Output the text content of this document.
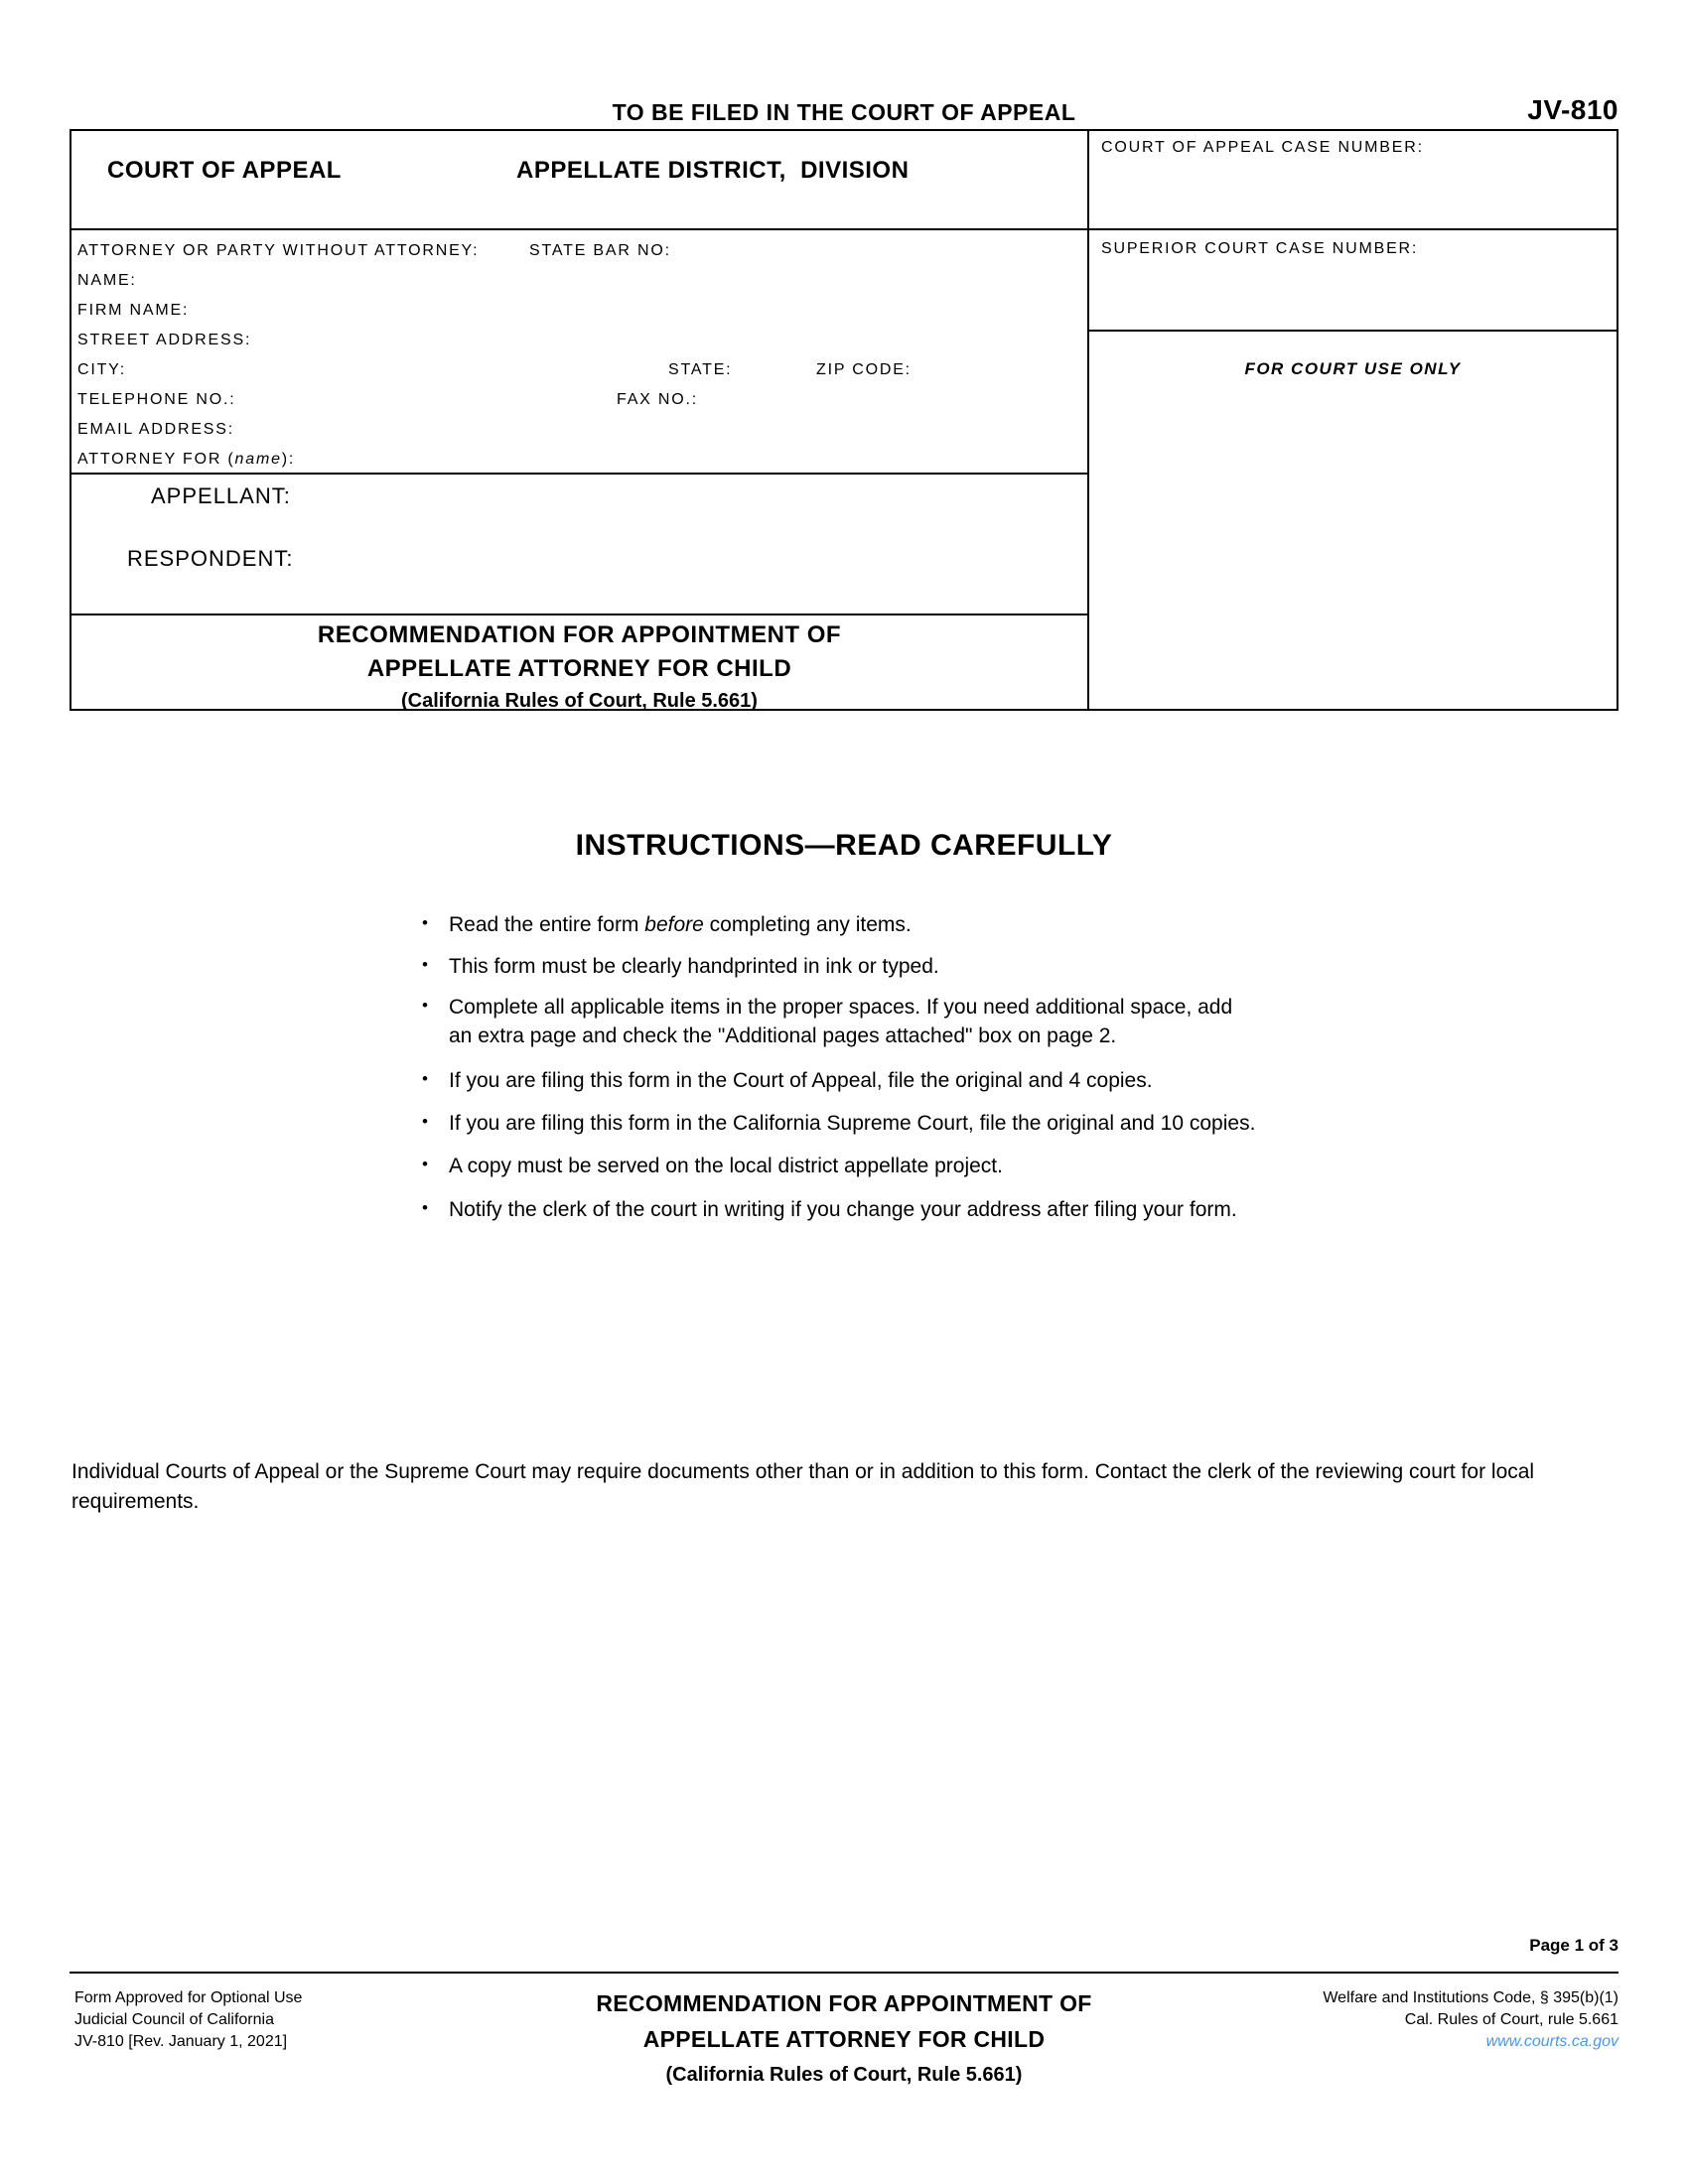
TO BE FILED IN THE COURT OF APPEAL	JV-810
COURT OF APPEAL	APPELLATE DISTRICT,  DIVISION
ATTORNEY OR PARTY WITHOUT ATTORNEY:	STATE BAR NO:
NAME:
FIRM NAME:
STREET ADDRESS:
CITY:	STATE:	ZIP CODE:
TELEPHONE NO.:	FAX NO.:
EMAIL ADDRESS:
ATTORNEY FOR (name):
APPELLANT:
RESPONDENT:
RECOMMENDATION FOR APPOINTMENT OF
APPELLATE ATTORNEY FOR CHILD
(California Rules of Court, Rule 5.661)
COURT OF APPEAL CASE NUMBER:
SUPERIOR COURT CASE NUMBER:
FOR COURT USE ONLY
INSTRUCTIONS—READ CAREFULLY
•
Read the entire form before completing any items.
•
This form must be clearly handprinted in ink or typed.
•
Complete all applicable items in the proper spaces. If you need additional space, add
an extra page and check the "Additional pages attached" box on page 2.
•
If you are filing this form in the Court of Appeal, file the original and 4 copies.
•
If you are filing this form in the California Supreme Court, file the original and 10 copies.
•
A copy must be served on the local district appellate project.
•
Notify the clerk of the court in writing if you change your address after filing your form.
Individual Courts of Appeal or the Supreme Court may require documents other than or in addition to this form. Contact the clerk of the reviewing court for local requirements.
Page 1 of 3
Form Approved for Optional Use
Judicial Council of California
JV-810 [Rev. January 1, 2021]
RECOMMENDATION FOR APPOINTMENT OF
APPELLATE ATTORNEY FOR CHILD
(California Rules of Court, Rule 5.661)
Welfare and Institutions Code, § 395(b)(1)
Cal. Rules of Court, rule 5.661
www.courts.ca.gov
